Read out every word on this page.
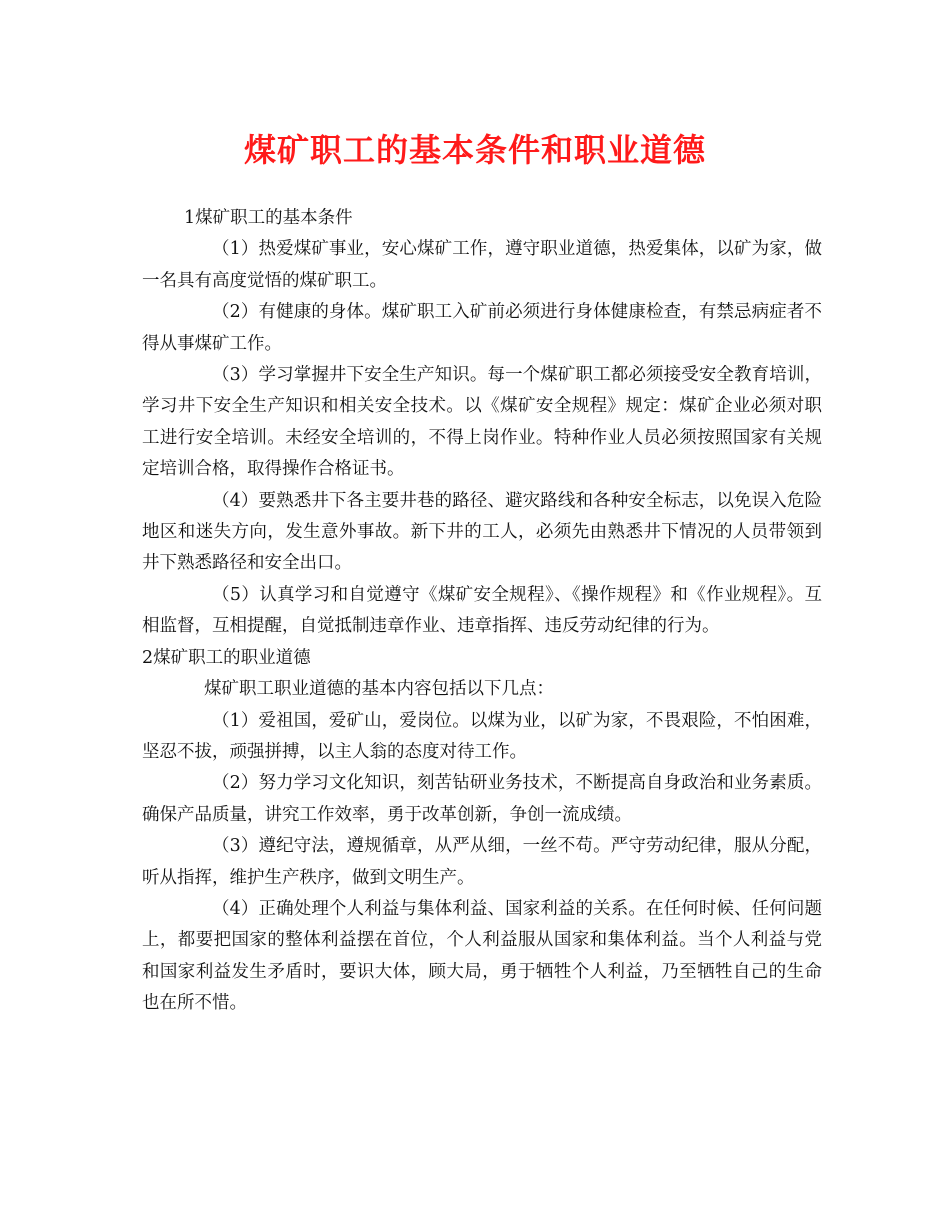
煤矿职工的基本条件和职业道德

1煤矿职工的基本条件

（1）热爱煤矿事业，安心煤矿工作，遵守职业道德，热爱集体，以矿为家，做一名具有高度觉悟的煤矿职工。

（2）有健康的身体。煤矿职工入矿前必须进行身体健康检查，有禁忌病症者不得从事煤矿工作。

（3）学习掌握井下安全生产知识。每一个煤矿职工都必须接受安全教育培训，学习井下安全生产知识和相关安全技术。以《煤矿安全规程》规定：煤矿企业必须对职工进行安全培训。未经安全培训的，不得上岗作业。特种作业人员必须按照国家有关规定培训合格，取得操作合格证书。

（4）要熟悉井下各主要井巷的路径、避灾路线和各种安全标志，以免误入危险地区和迷失方向，发生意外事故。新下井的工人，必须先由熟悉井下情况的人员带领到井下熟悉路径和安全出口。

（5）认真学习和自觉遵守《煤矿安全规程》、《操作规程》和《作业规程》。互相监督，互相提醒，自觉抵制违章作业、违章指挥、违反劳动纪律的行为。

2煤矿职工的职业道德

煤矿职工职业道德的基本内容包括以下几点：

（1）爱祖国，爱矿山，爱岗位。以煤为业，以矿为家，不畏艰险，不怕困难，坚忍不拔，顽强拼搏，以主人翁的态度对待工作。

（2）努力学习文化知识，刻苦钻研业务技术，不断提高自身政治和业务素质。确保产品质量，讲究工作效率，勇于改革创新，争创一流成绩。

（3）遵纪守法，遵规循章，从严从细，一丝不苟。严守劳动纪律，服从分配，听从指挥，维护生产秩序，做到文明生产。

（4）正确处理个人利益与集体利益、国家利益的关系。在任何时候、任何问题上，都要把国家的整体利益摆在首位，个人利益服从国家和集体利益。当个人利益与党和国家利益发生矛盾时，要识大体，顾大局，勇于牺牲个人利益，乃至牺牲自己的生命也在所不惜。
